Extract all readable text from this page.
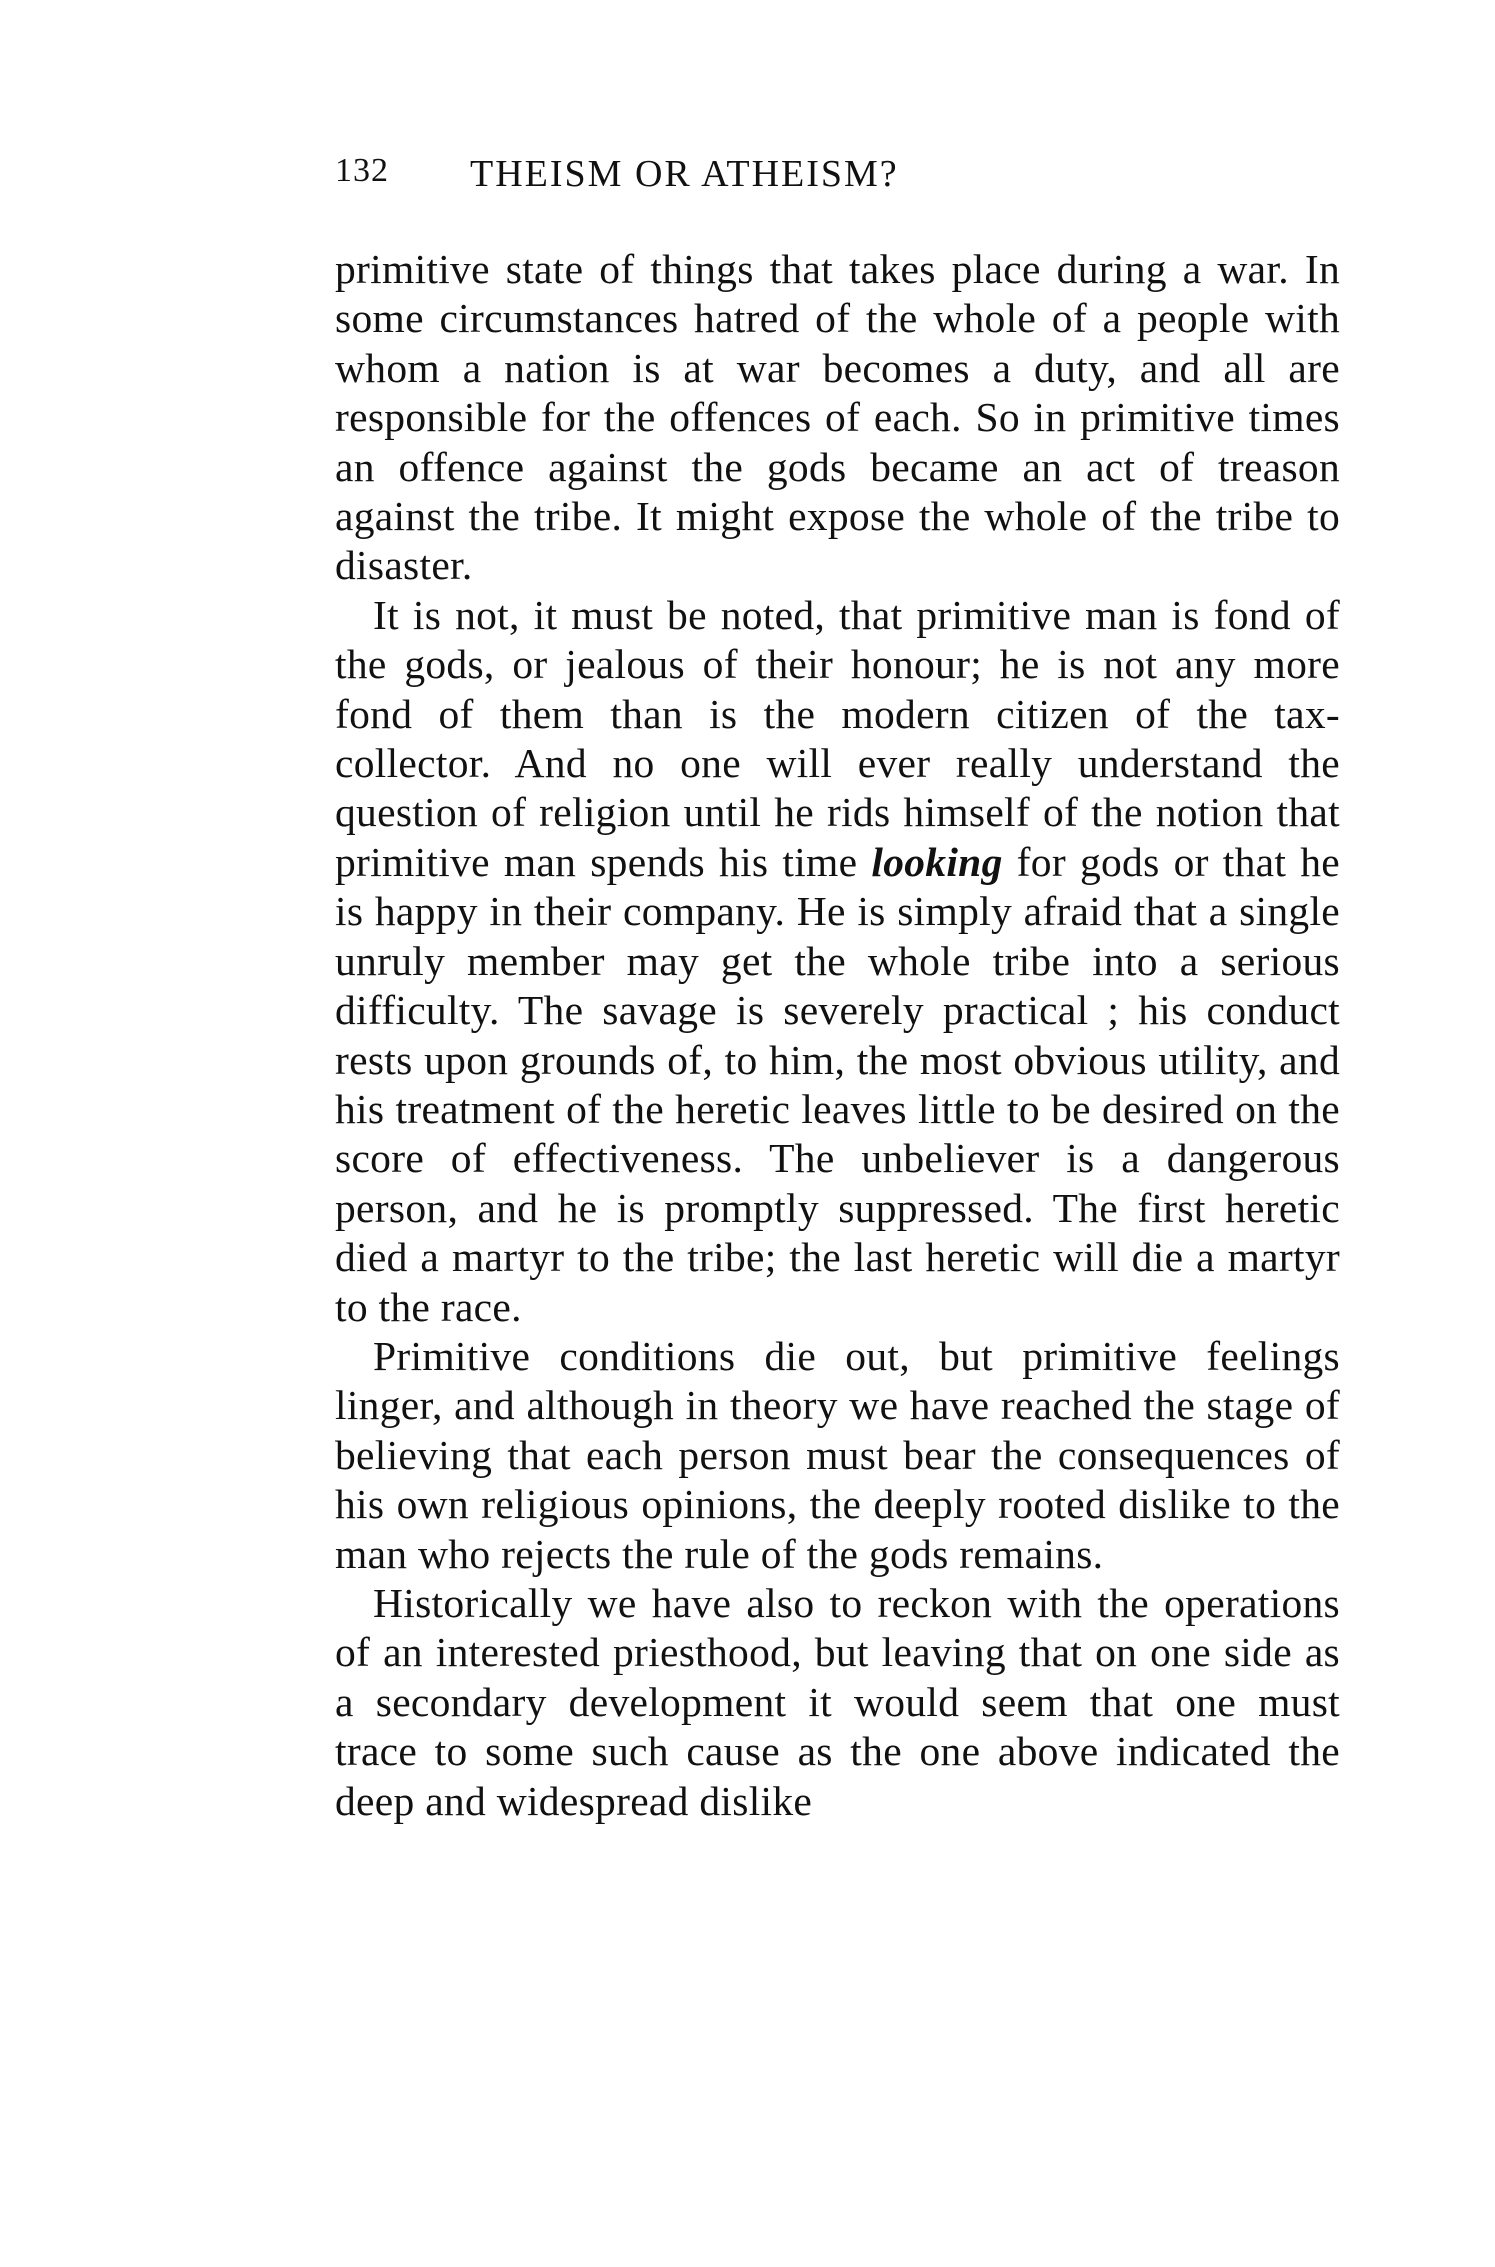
132 THEISM OR ATHEISM?

primitive state of things that takes place during a war. In some circumstances hatred of the whole of a people with whom a nation is at war becomes a duty, and all are responsible for the offences of each. So in primitive times an offence against the gods became an act of treason against the tribe. It might expose the whole of the tribe to disaster.

It is not, it must be noted, that primitive man is fond of the gods, or jealous of their honour; he is not any more fond of them than is the modern citizen of the tax-collector. And no one will ever really understand the question of religion until he rids himself of the notion that primitive man spends his time looking for gods or that he is happy in their company. He is simply afraid that a single unruly member may get the whole tribe into a serious difficulty. The savage is severely practical ; his conduct rests upon grounds of, to him, the most obvious utility, and his treatment of the heretic leaves little to be desired on the score of effectiveness. The unbeliever is a dangerous person, and he is promptly suppressed. The first heretic died a martyr to the tribe; the last heretic will die a martyr to the race.

Primitive conditions die out, but primitive feelings linger, and although in theory we have reached the stage of believing that each person must bear the consequences of his own religious opinions, the deeply rooted dislike to the man who rejects the rule of the gods remains.

Historically we have also to reckon with the operations of an interested priesthood, but leaving that on one side as a secondary development it would seem that one must trace to some such cause as the one above indicated the deep and widespread dislike
